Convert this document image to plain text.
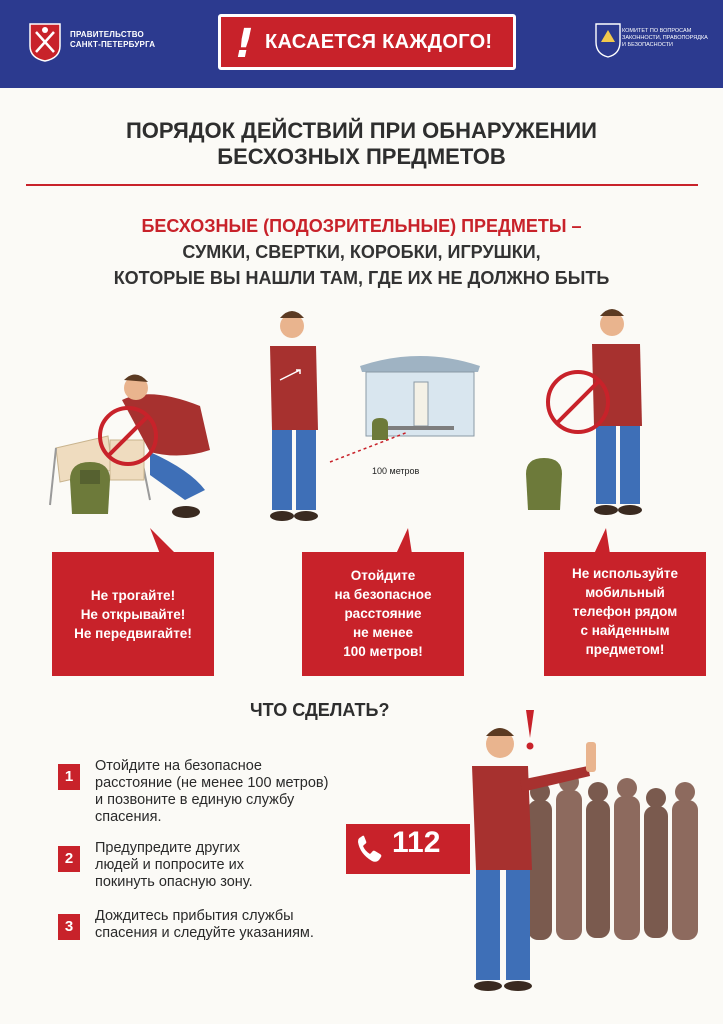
ПРАВИТЕЛЬСТВО
САНКТ-ПЕТЕРБУРГА ! КАСАЕТСЯ КАЖДОГО!	КОМИТЕТ ПО ВОПРОСАМ ЗАКОННОСТИ, ПРАВОПОРЯДКА И БЕЗОПАСНОСТИ
ПОРЯДОК ДЕЙСТВИЙ ПРИ ОБНАРУЖЕНИИ
БЕСХОЗНЫХ ПРЕДМЕТОВ
БЕСХОЗНЫЕ (ПОДОЗРИТЕЛЬНЫЕ) ПРЕДМЕТЫ –
СУМКИ, СВЕРТКИ, КОРОБКИ, ИГРУШКИ,
КОТОРЫЕ ВЫ НАШЛИ ТАМ, ГДЕ ИХ НЕ ДОЛЖНО БЫТЬ
100 метров
Не трогайте!
Не открывайте!
Не передвигайте!
Отойдите
на безопасное
расстояние
не менее
100 метров!
Не используйте
мобильный
телефон рядом
с найденным
предметом!
ЧТО СДЕЛАТЬ?
1
Отойдите на безопасное
расстояние (не менее 100 метров)
и позвоните в единую службу
спасения.
2
Предупредите других
людей и попросите их
покинуть опасную зону.
3
Дождитесь прибытия службы
спасения и следуйте указаниям.
112
